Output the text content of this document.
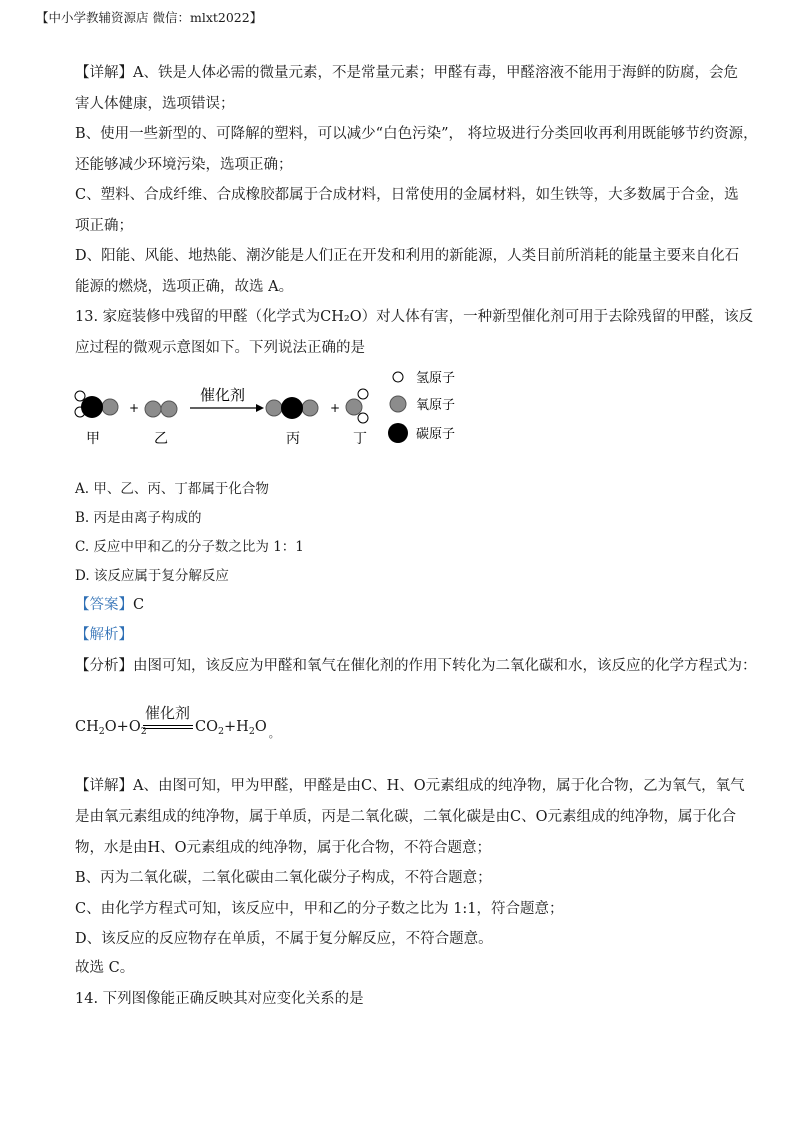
【中小学教辅资源店 微信：mlxt2022】
【详解】A、铁是人体必需的微量元素，不是常量元素；甲醛有毒，甲醛溶液不能用于海鲜的防腐，会危
害人体健康，选项错误；
B、使用一些新型的、可降解的塑料，可以减少“白色污染”， 将垃圾进行分类回收再利用既能够节约资源，
还能够减少环境污染，选项正确；
C、塑料、合成纤维、合成橡胶都属于合成材料，日常使用的金属材料，如生铁等，大多数属于合金，选
项正确；
D、阳能、风能、地热能、潮汐能是人们正在开发和利用的新能源，人类目前所消耗的能量主要来自化石
能源的燃烧，选项正确，故选 A。
13. 家庭装修中残留的甲醛（化学式为CH₂O）对人体有害，一种新型催化剂可用于去除残留的甲醛，该反
应过程的微观示意图如下。下列说法正确的是
+
催化剂
+
甲	乙	丙	丁
氢原子
氧原子
碳原子
A. 甲、乙、丙、丁都属于化合物
B. 丙是由离子构成的
C. 反应中甲和乙的分子数之比为 1：1
D. 该反应属于复分解反应
【答案】C
【解析】
【分析】由图可知，该反应为甲醛和氧气在催化剂的作用下转化为二氧化碳和水，该反应的化学方程式为：
催化剂
$CH_2O+O_2$	$CO_2+H_2O$ $_。$
【详解】A、由图可知，甲为甲醛，甲醛是由C、H、O元素组成的纯净物，属于化合物，乙为氧气，氧气
是由氧元素组成的纯净物，属于单质，丙是二氧化碳，二氧化碳是由C、O元素组成的纯净物，属于化合
物，水是由H、O元素组成的纯净物，属于化合物，不符合题意；
B、丙为二氧化碳，二氧化碳由二氧化碳分子构成，不符合题意；
C、由化学方程式可知，该反应中，甲和乙的分子数之比为 1:1，符合题意；
D、该反应的反应物存在单质，不属于复分解反应，不符合题意。
故选 C。
14. 下列图像能正确反映其对应变化关系的是
